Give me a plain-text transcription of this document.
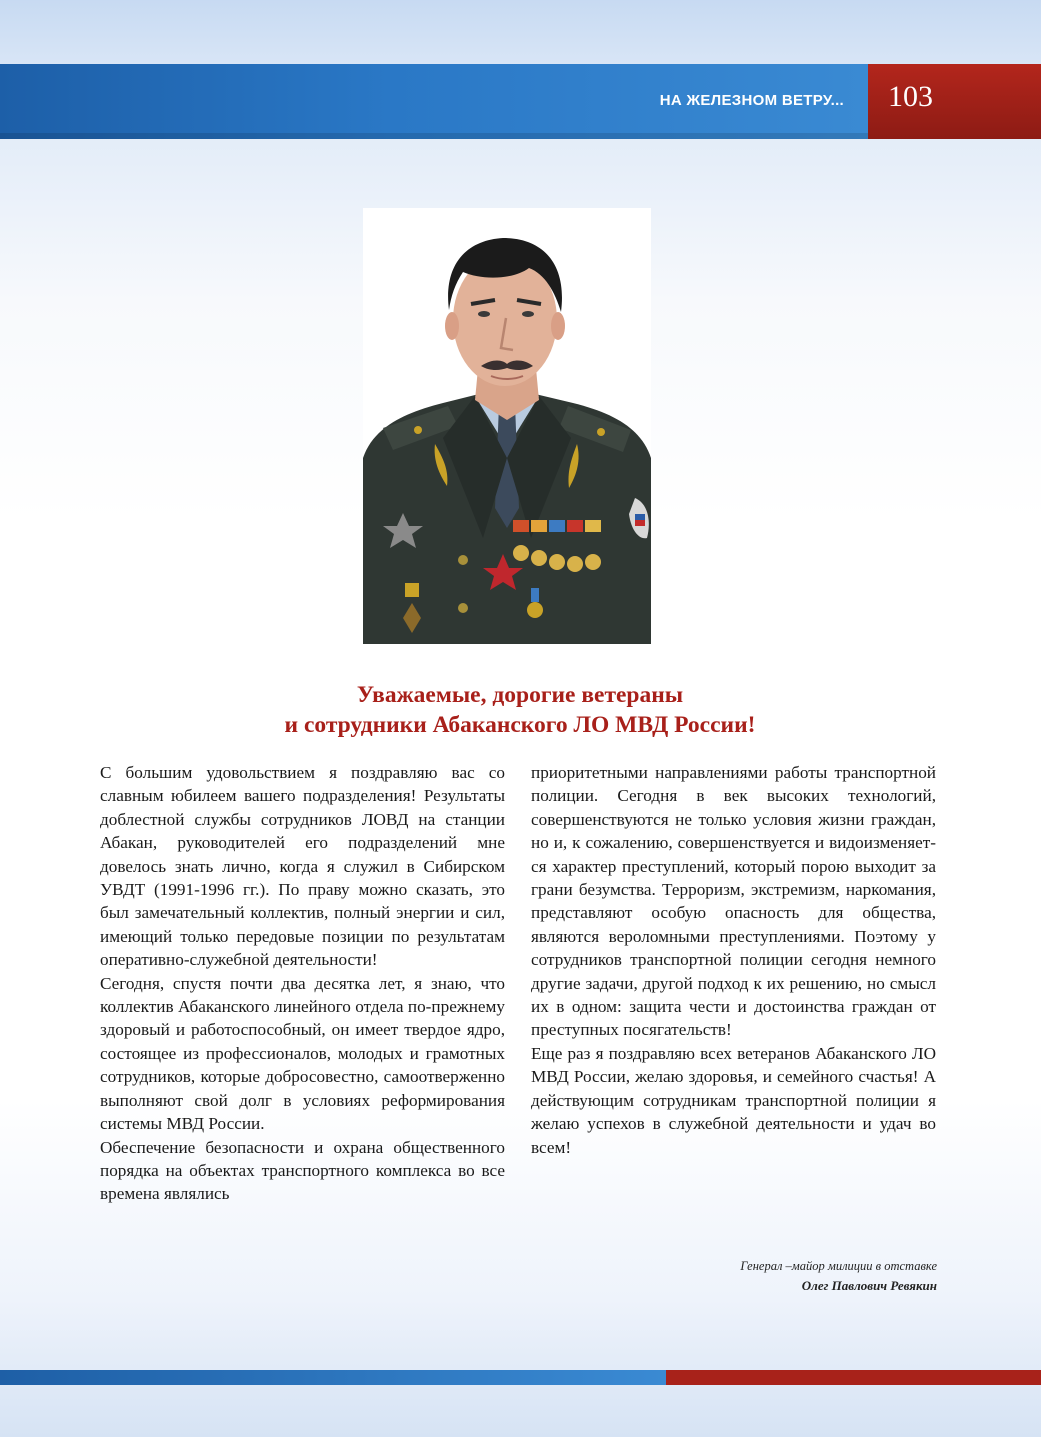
НА ЖЕЛЕЗНОМ ВЕТРУ... 103
Уважаемые, дорогие ветераны
и сотрудники Абаканского ЛО МВД России!

С большим удовольствием я поздравляю вас со славным юбилеем вашего подразделения! Результаты доблестной службы сотрудников ЛОВД на станции Абакан, руководителей его подразделений мне довелось знать лично, когда я служил в Сибирском УВДТ (1991-1996 гг.). По праву можно сказать, это был замечательный коллектив, полный энергии и сил, имеющий только передовые позиции по результатам оперативно-служебной деятельности!

Сегодня, спустя почти два десятка лет, я знаю, что коллектив Абаканского линейного отдела по-прежнему здоровый и работоспособный, он имеет твердое ядро, состоящее из профессионалов, молодых и грамотных сотрудников, которые добросовестно, самоотверженно выполняют свой долг в условиях реформирования системы МВД России.

Обеспечение безопасности и охрана общественного порядка на объектах транспортного комплекса во все времена являлись

приоритетными направлениями работы транспортной полиции. Сегодня в век высоких технологий, совершенствуются не только условия жизни граждан, но и, к сожалению, совершенствуется и видоизменяется характер преступлений, который порою выходит за грани безумства. Терроризм, экстремизм, наркомания, представляют особую опасность для общества, являются вероломными преступлениями. Поэтому у сотрудников транспортной полиции сегодня немного другие задачи, другой подход к их решению, но смысл их в одном: защита чести и достоинства граждан от преступных посягательств!

Еще раз я поздравляю всех ветеранов Абаканского ЛО МВД России, желаю здоровья, и семейного счастья! А действующим сотрудникам транспортной полиции я желаю успехов в служебной деятельности и удач во всем!

Генерал –майор милиции в отставке
Олег Павлович Ревякин
